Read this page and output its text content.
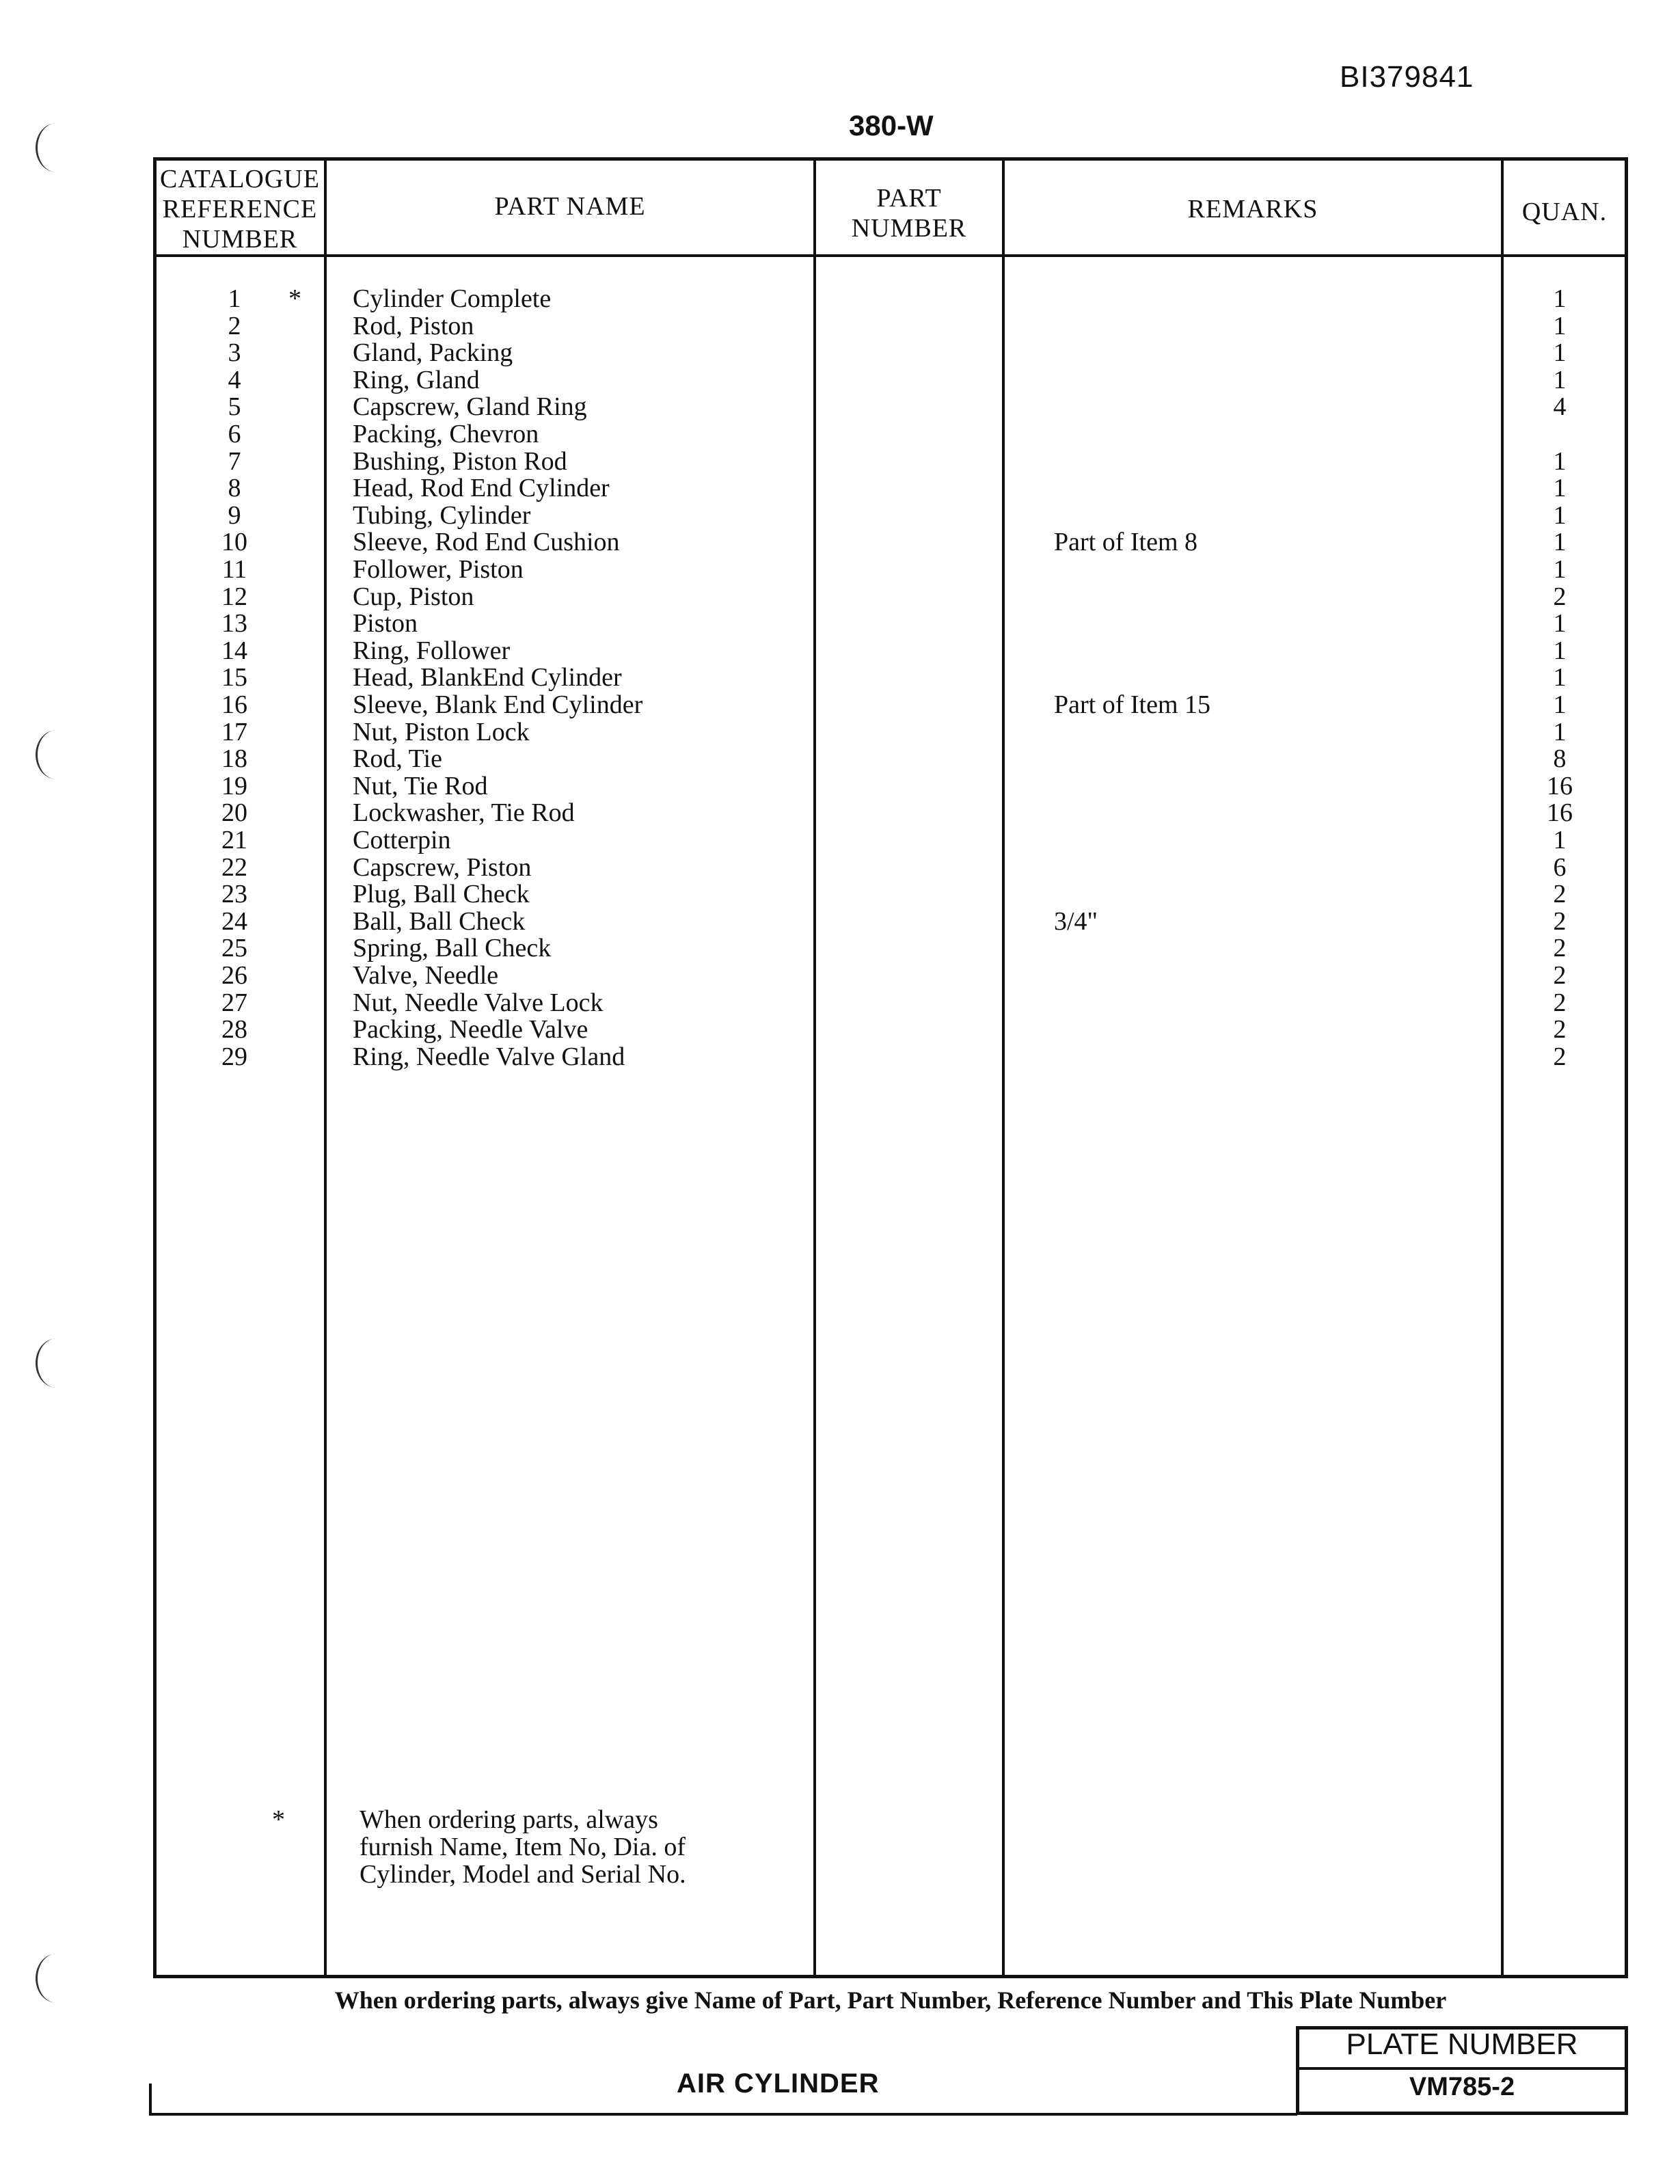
BI379841
380-W
CATALOGUE
REFERENCE
NUMBER
PART NAME	PART
NUMBER
REMARKS	QUAN.
1	* Cylinder Complete	1
2	Rod, Piston	1
3	Gland, Packing	1
4	Ring, Gland	1
5	Capscrew, Gland Ring	4
6	Packing, Chevron
7	Bushing, Piston Rod	1
8	Head, Rod End Cylinder	1
9	Tubing, Cylinder	1
10	Sleeve, Rod End Cushion	Part of Item 8	1
11	Follower, Piston	1
12	Cup, Piston	2
13	Piston	1
14	Ring, Follower	1
15	Head, BlankEnd Cylinder	1
16	Sleeve, Blank End Cylinder	Part of Item 15	1
17	Nut, Piston Lock	1
18	Rod, Tie	8
19	Nut, Tie Rod	16
20	Lockwasher, Tie Rod	16
21	Cotterpin	1
22	Capscrew, Piston	6
23	Plug, Ball Check	2
24	Ball, Ball Check	3/4"	2
25	Spring, Ball Check	2
26	Valve, Needle	2
27	Nut, Needle Valve Lock	2
28	Packing, Needle Valve	2
29	Ring, Needle Valve Gland	2
*	When ordering parts, always
furnish Name, Item No, Dia. of
Cylinder, Model and Serial No.
When ordering parts, always give Name of Part, Part Number, Reference Number and This Plate Number
AIR CYLINDER
PLATE NUMBER
VM785-2
